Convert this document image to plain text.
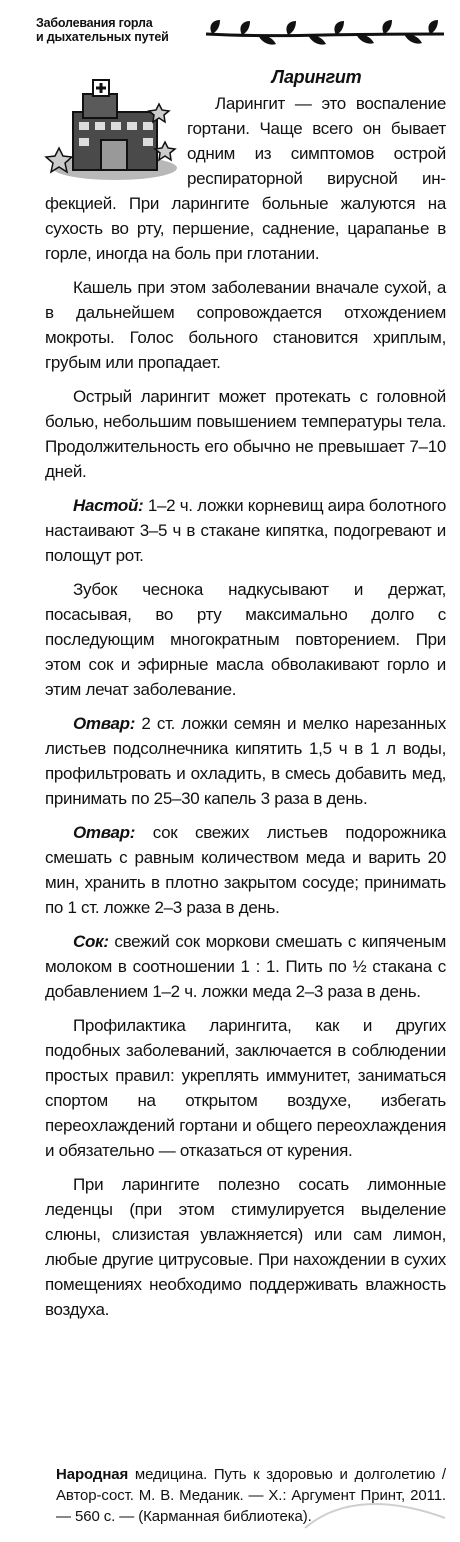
Заболевания горла
и дыхательных путей
Ларингит

Ларингит — это воспаление гортани. Чаще всего он бывает одним из симптомов острой респираторной вирусной инфекцией. При ларингите больные жалуются на сухость во рту, першение, саднение, царапанье в горле, иногда на боль при глотании.

Кашель при этом заболевании вначале сухой, а в дальнейшем сопровождается отхождением мокроты. Голос больного становится хриплым, грубым или пропадает.

Острый ларингит может протекать с головной болью, небольшим повышением температуры тела. Продолжительность его обычно не превышает 7–10 дней.

Настой: 1–2 ч. ложки корневищ аира болотного настаивают 3–5 ч в стакане кипятка, подогревают и полощут рот.

Зубок чеснока надкусывают и держат, посасывая, во рту максимально долго с последующим многократным повторением. При этом сок и эфирные масла обволакивают горло и этим лечат заболевание.

Отвар: 2 ст. ложки семян и мелко нарезанных листьев подсолнечника кипятить 1,5 ч в 1 л воды, профильтровать и охладить, в смесь добавить мед, принимать по 25–30 капель 3 раза в день.

Отвар: сок свежих листьев подорожника смешать с равным количеством меда и варить 20 мин, хранить в плотно закрытом сосуде; принимать по 1 ст. ложке 2–3 раза в день.

Сок: свежий сок моркови смешать с кипяченым молоком в соотношении 1 : 1. Пить по ½ стакана с добавлением 1–2 ч. ложки меда 2–3 раза в день.

Профилактика ларингита, как и других подобных заболеваний, заключается в соблюдении простых правил: укреплять иммунитет, заниматься спортом на открытом воздухе, избегать переохлаждений гортани и общего переохлаждения и обязательно — отказаться от курения.

При ларингите полезно сосать лимонные леденцы (при этом стимулируется выделение слюны, слизистая увлажняется) или сам лимон, любые другие цитрусовые. При нахождении в сухих помещениях необходимо поддерживать влажность воздуха.

Народная медицина. Путь к здоровью и долголетию / Автор-сост. М. В. Меданик. — Х.: Аргумент Принт, 2011. — 560 с. — (Карманная библиотека).
